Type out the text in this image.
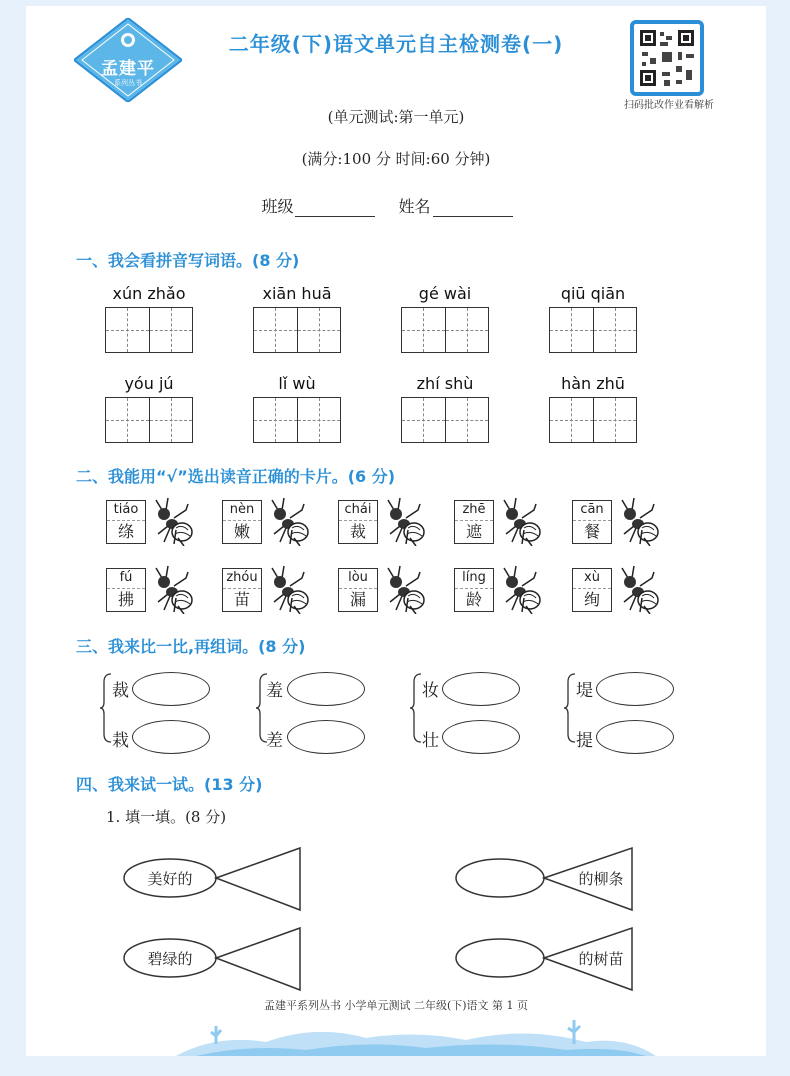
孟建平
系列丛书
二年级(下)语文单元自主检测卷(一)
扫码批改作业看解析
(单元测试:第一单元)
(满分:100 分 时间:60 分钟)
班级	姓名
一、我会看拼音写词语。(8 分)
xún zhǎo	xiān huā	gé wài	qiū qiān
yóu jú	lǐ wù	zhí shù	hàn zhū
二、我能用“√”选出读音正确的卡片。(6 分)
tiáo
绦
nèn
嫩
chái
裁
zhē
遮
cān
餐
fú
拂
zhóu
苗
lòu
漏
líng
龄
xù
绚
三、我来比一比,再组词。(8 分)
裁
栽
羞
差
妆
壮
堤
提
四、我来试一试。(13 分)
1. 填一填。(8 分)
美好的	的柳条
碧绿的	的树苗
孟建平系列丛书 小学单元测试 二年级(下)语文 第 1 页
